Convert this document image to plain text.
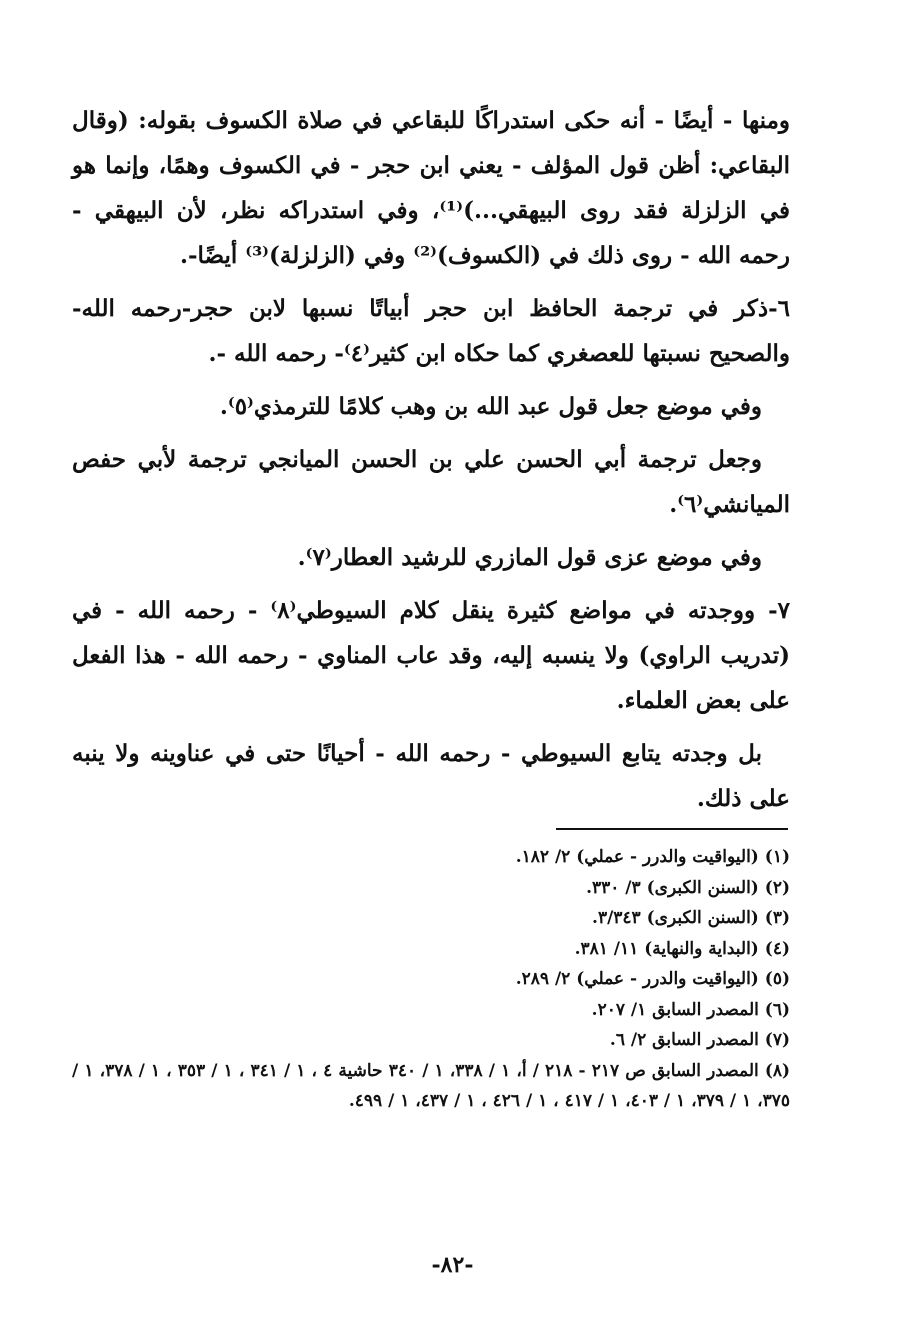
ومنها - أيضًا - أنه حكى استدراكًا للبقاعي في صلاة الكسوف بقوله: (وقال البقاعي: أظن قول المؤلف - يعني ابن حجر - في الكسوف وهمًا، وإنما هو في الزلزلة فقد روى البيهقي...)⁽¹⁾، وفي استدراكه نظر، لأن البيهقي - رحمه الله - روى ذلك في (الكسوف)⁽²⁾ وفي (الزلزلة)⁽³⁾ أيضًا-.

٦-ذكر في ترجمة الحافظ ابن حجر أبياتًا نسبها لابن حجر-رحمه الله- والصحيح نسبتها للعصغري كما حكاه ابن كثير⁽٤⁾- رحمه الله -.

وفي موضع جعل قول عبد الله بن وهب كلامًا للترمذي⁽٥⁾.

وجعل ترجمة أبي الحسن علي بن الحسن الميانجي ترجمة لأبي حفص الميانشي⁽٦⁾.

وفي موضع عزى قول المازري للرشيد العطار⁽٧⁾.

٧- ووجدته في مواضع كثيرة ينقل كلام السيوطي⁽٨⁾ - رحمه الله - في (تدريب الراوي) ولا ينسبه إليه، وقد عاب المناوي - رحمه الله - هذا الفعل على بعض العلماء.

بل وجدته يتابع السيوطي - رحمه الله - أحيانًا حتى في عناوينه ولا ينبه على ذلك.

(١) (اليواقيت والدرر - عملي) ٢/ ١٨٢.

(٢) (السنن الكبرى) ٣/ ٣٣٠.

(٣) (السنن الكبرى) ٣/٣٤٣.

(٤) (البداية والنهاية) ١١/ ٣٨١.

(٥) (اليواقيت والدرر - عملي) ٢/ ٢٨٩.

(٦) المصدر السابق ١/ ٢٠٧.

(٧) المصدر السابق ٢/ ٦.

(٨) المصدر السابق ص ٢١٧ - ٢١٨ / أ، ١ / ٣٣٨، ١ / ٣٤٠ حاشية ٤ ، ١ / ٣٤١ ، ١ / ٣٥٣ ، ١ / ٣٧٨، ١ / ٣٧٥، ١ / ٣٧٩، ١ / ٤٠٣، ١ / ٤١٧ ، ١ / ٤٢٦ ، ١ / ٤٣٧، ١ / ٤٩٩.

-٨٢-
